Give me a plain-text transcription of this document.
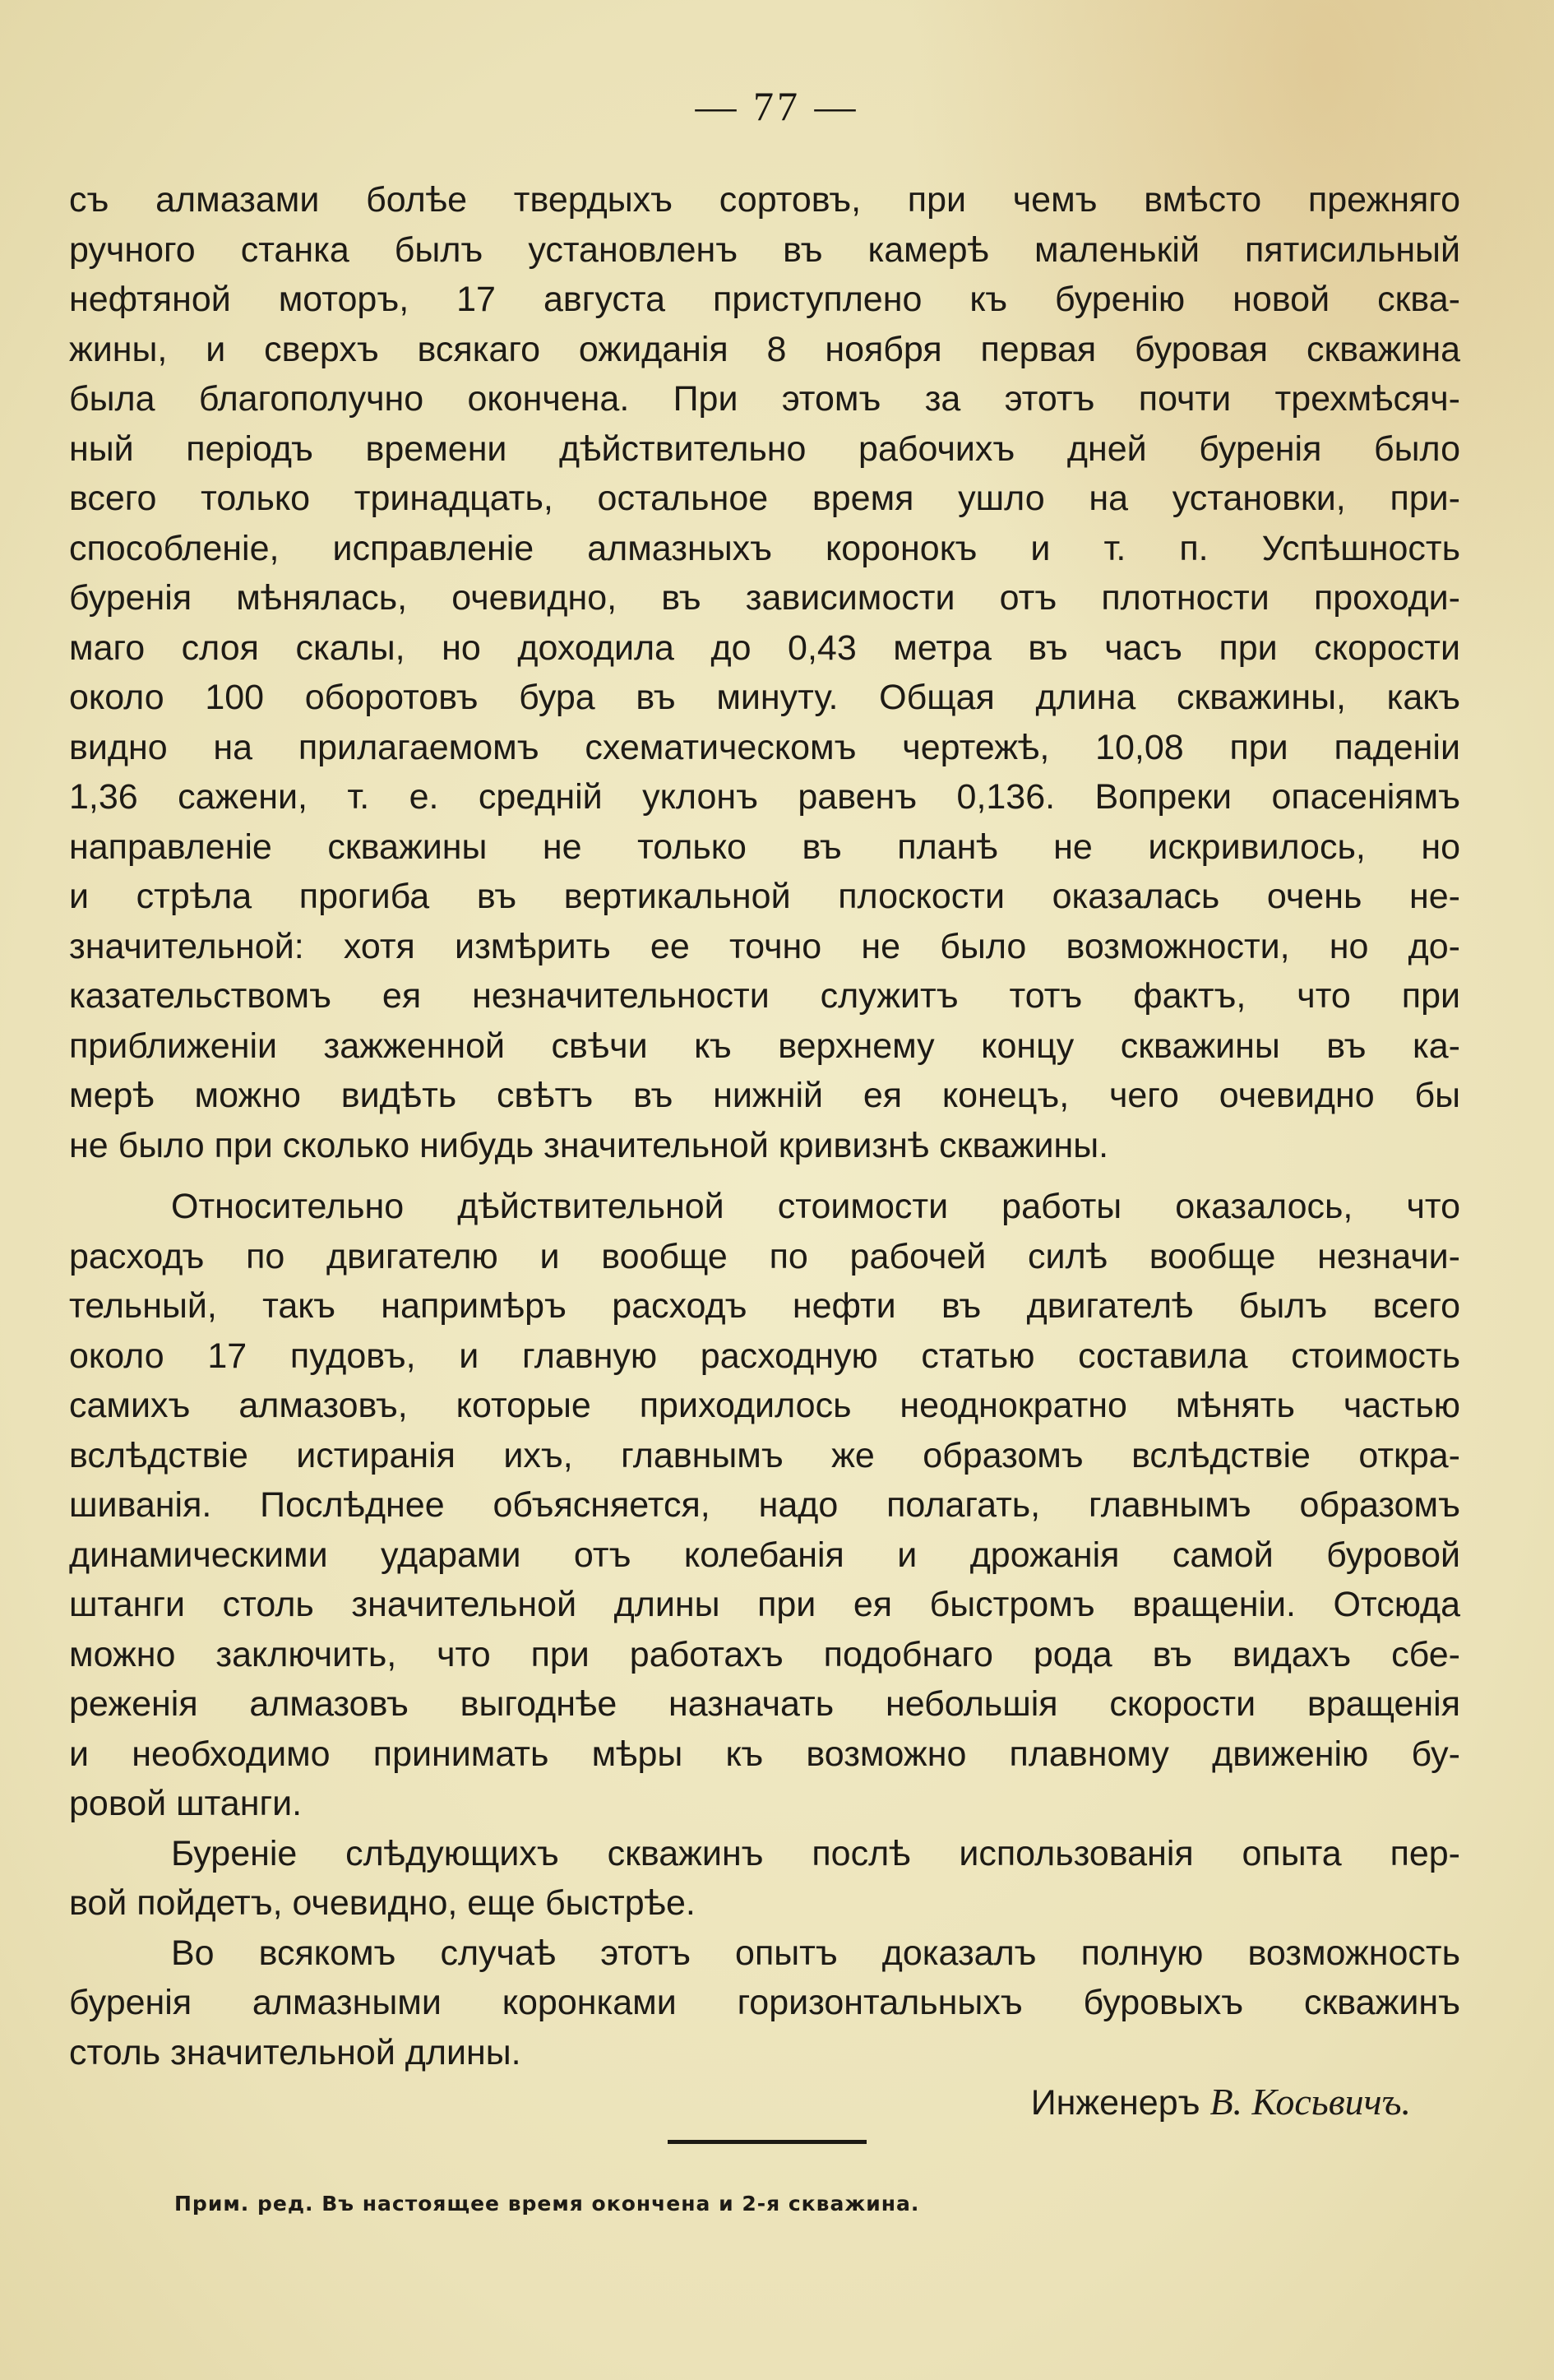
— 77 —
съ алмазами болѣе твердыхъ сортовъ, при чемъ вмѣсто прежняго
ручного станка былъ установленъ въ камерѣ маленькій пятисильный
нефтяной моторъ, 17 августа приступлено къ буренію новой сква-
жины, и сверхъ всякаго ожиданія 8 ноября первая буровая скважина
была благополучно окончена. При этомъ за этотъ почти трехмѣсяч-
ный періодъ времени дѣйствительно рабочихъ дней буренія было
всего только тринадцать, остальное время ушло на установки, при-
способленіе, исправленіе алмазныхъ коронокъ и т. п. Успѣшность
буренія мѣнялась, очевидно, въ зависимости отъ плотности проходи-
маго слоя скалы, но доходила до 0,43 метра въ часъ при скорости
около 100 оборотовъ бура въ минуту. Общая длина скважины, какъ
видно на прилагаемомъ схематическомъ чертежѣ, 10,08 при паденіи
1,36 сажени, т. е. средній уклонъ равенъ 0,136. Вопреки опасеніямъ
направленіе скважины не только въ планѣ не искривилось, но
и стрѣла прогиба въ вертикальной плоскости оказалась очень не-
значительной: хотя измѣрить ее точно не было возможности, но до-
казательствомъ ея незначительности служитъ тотъ фактъ, что при
приближеніи зажженной свѣчи къ верхнему концу скважины въ ка-
мерѣ можно видѣть свѣтъ въ нижній ея конецъ, чего очевидно бы
не было при сколько нибудь значительной кривизнѣ скважины.
Относительно дѣйствительной стоимости работы оказалось, что
расходъ по двигателю и вообще по рабочей силѣ вообще незначи-
тельный, такъ напримѣръ расходъ нефти въ двигателѣ былъ всего
около 17 пудовъ, и главную расходную статью составила стоимость
самихъ алмазовъ, которые приходилось неоднократно мѣнять частью
вслѣдствіе истиранія ихъ, главнымъ же образомъ вслѣдствіе откра-
шиванія. Послѣднее объясняется, надо полагать, главнымъ образомъ
динамическими ударами отъ колебанія и дрожанія самой буровой
штанги столь значительной длины при ея быстромъ вращеніи. Отсюда
можно заключить, что при работахъ подобнаго рода въ видахъ сбе-
реженія алмазовъ выгоднѣе назначать небольшія скорости вращенія
и необходимо принимать мѣры къ возможно плавному движенію бу-
ровой штанги.
Буреніе слѣдующихъ скважинъ послѣ использованія опыта пер-
вой пойдетъ, очевидно, еще быстрѣе.
Во всякомъ случаѣ этотъ опытъ доказалъ полную возможность
буренія алмазными коронками горизонтальныхъ буровыхъ скважинъ
столь значительной длины.
Инженеръ В. Косьвичъ.
Прим. ред. Въ настоящее время окончена и 2-я скважина.
